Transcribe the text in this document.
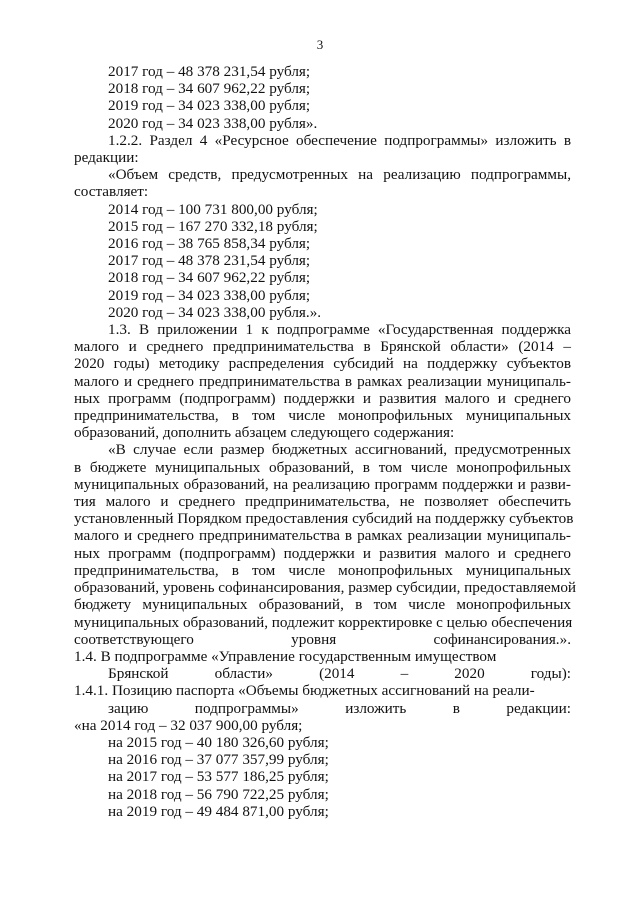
3
2017 год – 48 378 231,54 рубля;
2018 год – 34 607 962,22 рубля;
2019 год – 34 023 338,00 рубля;
2020 год – 34 023 338,00 рубля».
1.2.2. Раздел 4 «Ресурсное обеспечение подпрограммы» изложить в
редакции:
«Объем средств, предусмотренных на реализацию подпрограммы,
составляет:
2014 год – 100 731 800,00 рубля;
2015 год – 167 270 332,18 рубля;
2016 год – 38 765 858,34 рубля;
2017 год – 48 378 231,54 рубля;
2018 год – 34 607 962,22 рубля;
2019 год – 34 023 338,00 рубля;
2020 год – 34 023 338,00 рубля.».
1.3. В приложении 1 к подпрограмме «Государственная поддержка
малого и среднего предпринимательства в Брянской области» (2014 –
2020 годы) методику распределения субсидий на поддержку субъектов
малого и среднего предпринимательства в рамках реализации муниципаль-
ных программ (подпрограмм) поддержки и развития малого и среднего
предпринимательства, в том числе монопрофильных муниципальных
образований, дополнить абзацем следующего содержания:
«В случае если размер бюджетных ассигнований, предусмотренных
в бюджете муниципальных образований, в том числе монопрофильных
муниципальных образований, на реализацию программ поддержки и разви-
тия малого и среднего предпринимательства, не позволяет обеспечить
установленный Порядком предоставления субсидий на поддержку субъектов
малого и среднего предпринимательства в рамках реализации муниципаль-
ных программ (подпрограмм) поддержки и развития малого и среднего
предпринимательства, в том числе монопрофильных муниципальных
образований, уровень софинансирования, размер субсидии, предоставляемой
бюджету муниципальных образований, в том числе монопрофильных
муниципальных образований, подлежит корректировке с целью обеспечения
соответствующего уровня софинансирования.».
1.4. В подпрограмме «Управление государственным имуществом
Брянской области» (2014 – 2020 годы):
1.4.1. Позицию паспорта «Объемы бюджетных ассигнований на реали-
зацию подпрограммы» изложить в редакции:
«на 2014 год – 32 037 900,00 рубля;
на 2015 год – 40 180 326,60 рубля;
на 2016 год – 37 077 357,99 рубля;
на 2017 год – 53 577 186,25 рубля;
на 2018 год – 56 790 722,25 рубля;
на 2019 год – 49 484 871,00 рубля;
